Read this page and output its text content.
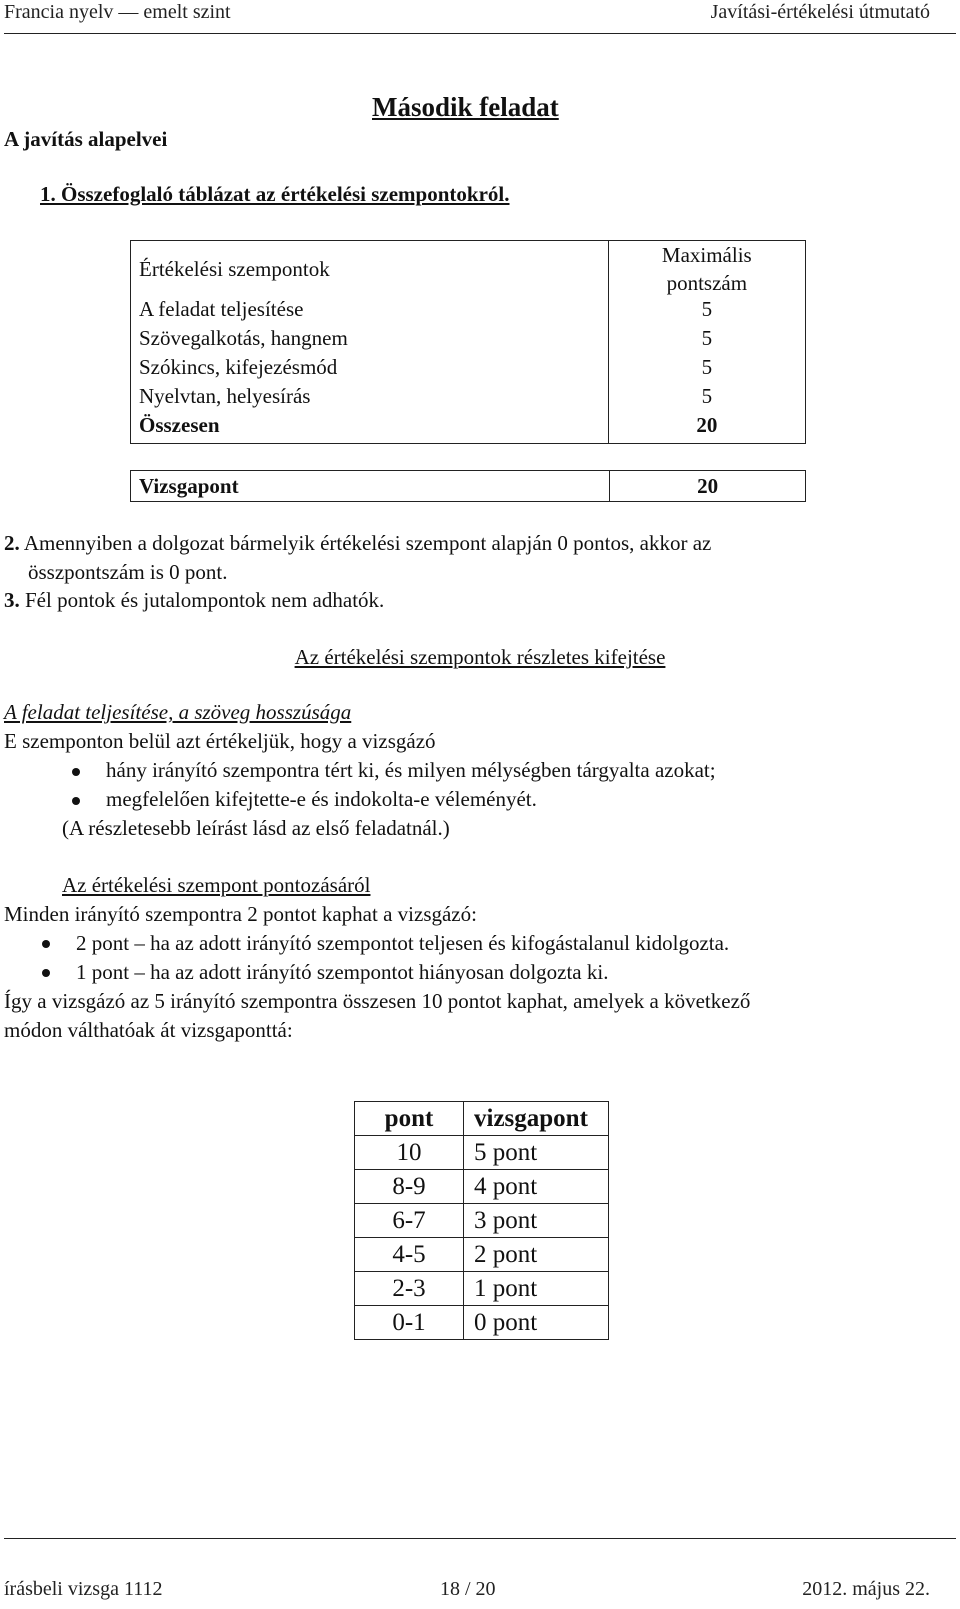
Francia nyelv — emelt szint	Javítási-értékelési útmutató
Második feladat
A javítás alapelvei
1. Összefoglaló táblázat az értékelési szempontokról.
Értékelési szempontok	Maximális
pontszám

A feladat teljesítése	5
Szövegalkotás, hangnem	5
Szókincs, kifejezésmód	5
Nyelvtan, helyesírás	5
Összesen	20
Vizsgapont	20
2. Amennyiben a dolgozat bármelyik értékelési szempont alapján 0 pontos, akkor az
összpontszám is 0 pont.
3. Fél pontok és jutalompontok nem adhatók.
Az értékelési szempontok részletes kifejtése
A feladat teljesítése, a szöveg hosszúsága
E szemponton belül azt értékeljük, hogy a vizsgázó
hány irányító szempontra tért ki, és milyen mélységben tárgyalta azokat;
megfelelően kifejtette-e és indokolta-e véleményét.
(A részletesebb leírást lásd az első feladatnál.)
Az értékelési szempont pontozásáról
Minden irányító szempontra 2 pontot kaphat a vizsgázó:
2 pont – ha az adott irányító szempontot teljesen és kifogástalanul kidolgozta.
1 pont – ha az adott irányító szempontot hiányosan dolgozta ki.
Így a vizsgázó az 5 irányító szempontra összesen 10 pontot kaphat, amelyek a következő
módon válthatóak át vizsgaponttá:
pont	vizsgapont
10	5 pont
8-9	4 pont
6-7	3 pont
4-5	2 pont
2-3	1 pont
0-1	0 pont
írásbeli vizsga 1112	18 / 20	2012. május 22.
